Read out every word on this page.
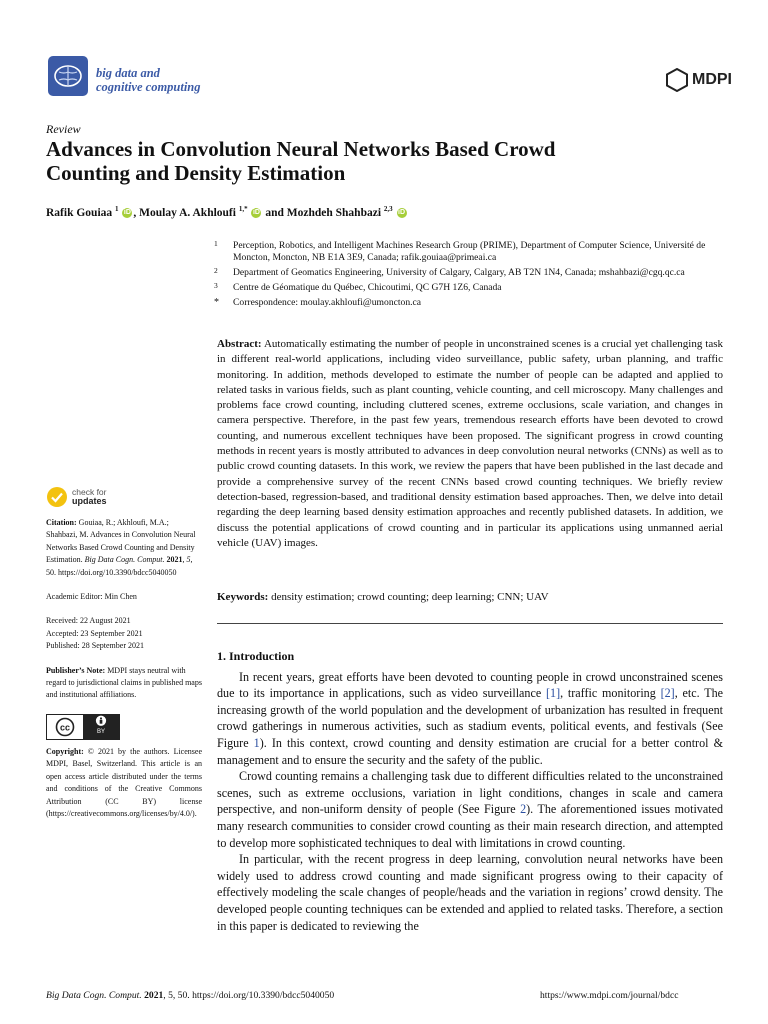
big data and
cognitive computing	MDPI
Review
Advances in Convolution Neural Networks Based Crowd
Counting and Density Estimation
Rafik Gouiaa $^1$ iD , Moulay A. Akhloufi $^{1,*}$ iD and Mozhdeh Shahbazi $^{2,3}$ iD
1 Perception, Robotics, and Intelligent Machines Research Group (PRIME), Department of Computer Science, Université de Moncton, Moncton, NB E1A 3E9, Canada; rafik.gouiaa@primeai.ca
2 Department of Geomatics Engineering, University of Calgary, Calgary, AB T2N 1N4, Canada; mshahbazi@cgq.qc.ca
3 Centre de Géomatique du Québec, Chicoutimi, QC G7H 1Z6, Canada
* Correspondence: moulay.akhloufi@umoncton.ca
Abstract: Automatically estimating the number of people in unconstrained scenes is a crucial yet challenging task in different real-world applications, including video surveillance, public safety, urban planning, and traffic monitoring. In addition, methods developed to estimate the number of people can be adapted and applied to related tasks in various fields, such as plant counting, vehicle counting, and cell microscopy. Many challenges and problems face crowd counting, including cluttered scenes, extreme occlusions, scale variation, and changes in camera perspective. Therefore, in the past few years, tremendous research efforts have been devoted to crowd counting, and numerous excellent techniques have been proposed. The significant progress in crowd counting methods in recent years is mostly attributed to advances in deep convolution neural networks (CNNs) as well as to public crowd counting datasets. In this work, we review the papers that have been published in the last decade and provide a comprehensive survey of the recent CNNs based crowd counting techniques. We briefly review detection-based, regression-based, and traditional density estimation based approaches. Then, we delve into detail regarding the deep learning based density estimation approaches and recently published datasets. In addition, we discuss the potential applications of crowd counting and in particular its applications using unmanned aerial vehicle (UAV) images.
Keywords: density estimation; crowd counting; deep learning; CNN; UAV
check for
updates

Citation: Gouiaa, R.; Akhloufi, M.A.; Shahbazi, M. Advances in Convolution Neural Networks Based Crowd Counting and Density Estimation. Big Data Cogn. Comput. 2021, 5, 50. https://doi.org/10.3390/bdcc5040050

Academic Editor: Min Chen

Received: 22 August 2021

Accepted: 23 September 2021

Published: 28 September 2021

Publisher’s Note: MDPI stays neutral with regard to jurisdictional claims in published maps and institutional affiliations.

cc
BY

Copyright: © 2021 by the authors. Licensee MDPI, Basel, Switzerland. This article is an open access article distributed under the terms and conditions of the Creative Commons Attribution (CC BY) license (https://creativecommons.org/licenses/by/4.0/).

1. Introduction

In recent years, great efforts have been devoted to counting people in crowd unconstrained scenes due to its importance in applications, such as video surveillance [1], traffic monitoring [2], etc. The increasing growth of the world population and the development of urbanization has resulted in frequent crowd gatherings in numerous activities, such as stadium events, political events, and festivals (See Figure 1). In this context, crowd counting and density estimation are crucial for a better control & management and to ensure the security and the safety of the public.

Crowd counting remains a challenging task due to different difficulties related to the unconstrained scenes, such as extreme occlusions, variation in light conditions, changes in scale and camera perspective, and non-uniform density of people (See Figure 2). The aforementioned issues motivated many research communities to consider crowd counting as their main research direction, and attempted to develop more sophisticated techniques to deal with limitations in crowd counting.

In particular, with the recent progress in deep learning, convolution neural networks have been widely used to address crowd counting and made significant progress owing to their capacity of effectively modeling the scale changes of people/heads and the variation in regions’ crowd density. The developed people counting techniques can be extended and applied to related tasks. Therefore, a section in this paper is dedicated to reviewing the

Big Data Cogn. Comput. 2021, 5, 50. https://doi.org/10.3390/bdcc5040050	https://www.mdpi.com/journal/bdcc
